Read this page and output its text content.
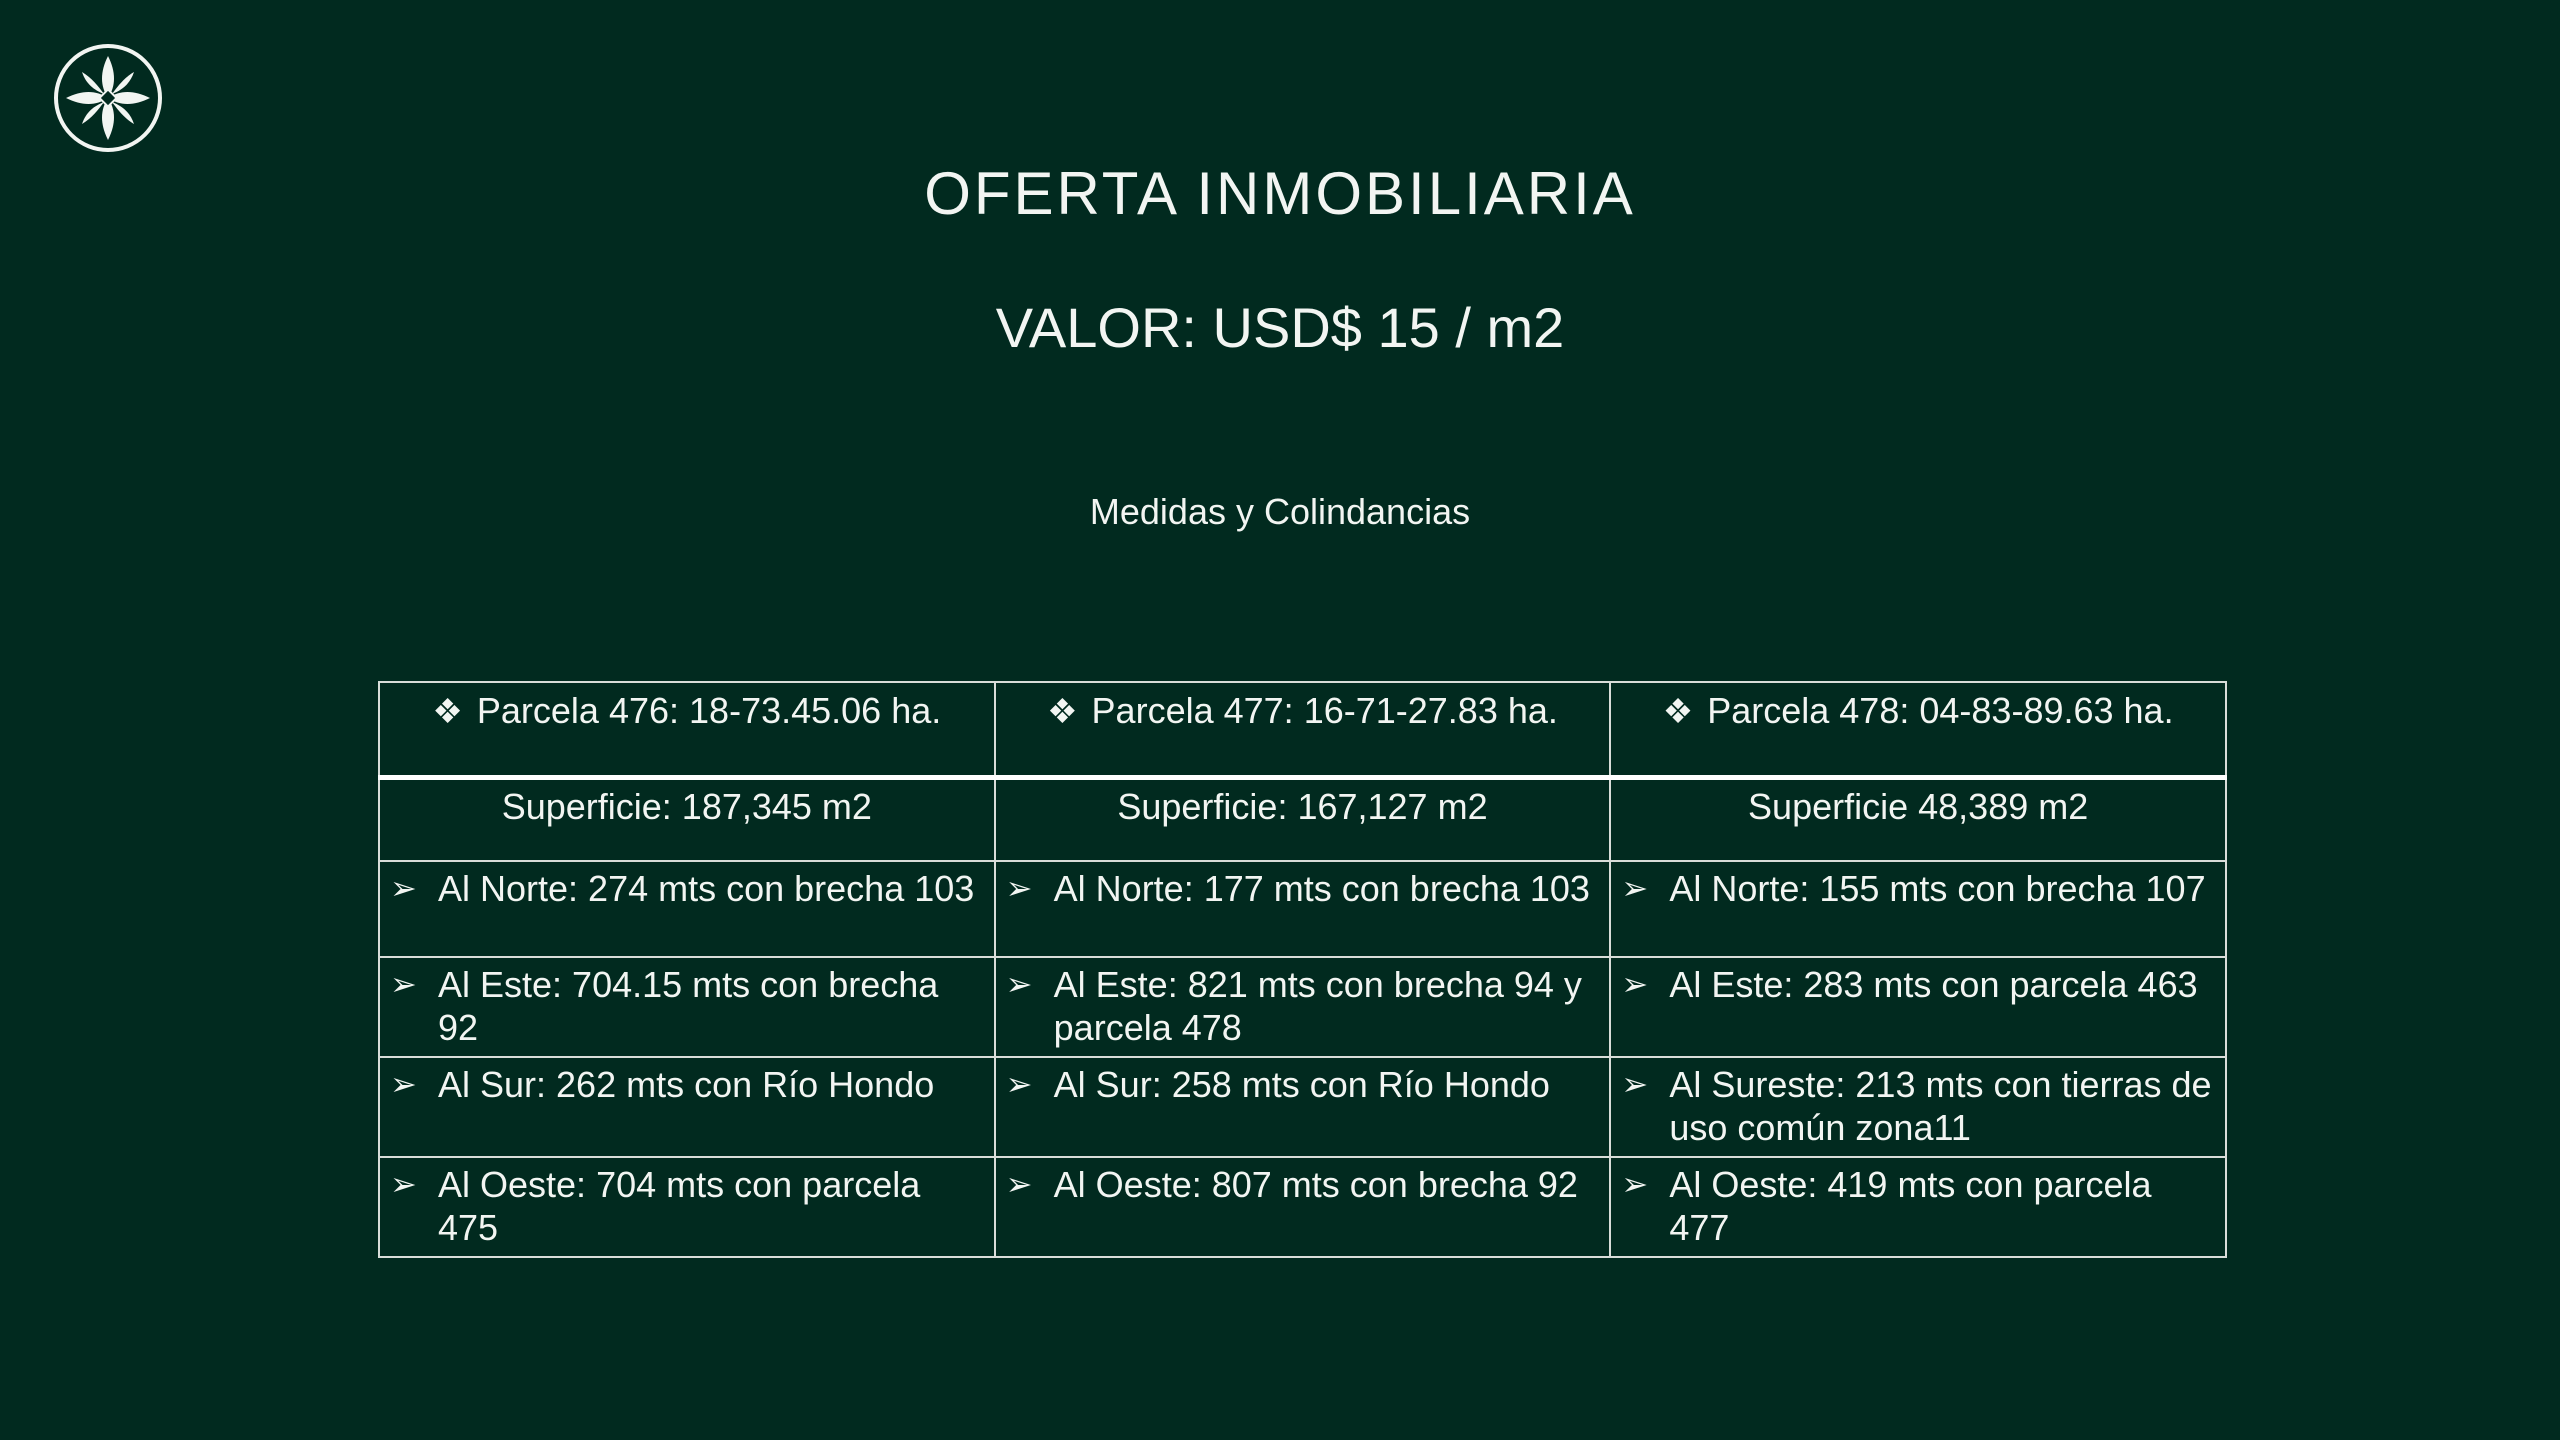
OFERTA INMOBILIARIA
VALOR: USD$ 15 / m2
Medidas y Colindancias
❖ Parcela 476: 18-73.45.06 ha.	❖ Parcela 477: 16-71-27.83 ha.	❖ Parcela 478: 04-83-89.63 ha.

Superficie: 187,345 m2	Superficie: 167,127 m2	Superficie 48,389 m2

➢ Al Norte: 274 mts con brecha 103	➢ Al Norte: 177 mts con brecha 103	➢ Al Norte: 155 mts con brecha 107

➢ Al Este: 704.15 mts con brecha 92	➢ Al Este: 821 mts con brecha 94 y parcela 478	➢ Al Este: 283 mts con parcela 463

➢ Al Sur: 262 mts con Río Hondo	➢ Al Sur: 258 mts con Río Hondo	➢ Al Sureste: 213 mts con tierras de uso común zona11

➢ Al Oeste: 704 mts con parcela 475	➢ Al Oeste: 807 mts con brecha 92	➢ Al Oeste: 419 mts con parcela 477
